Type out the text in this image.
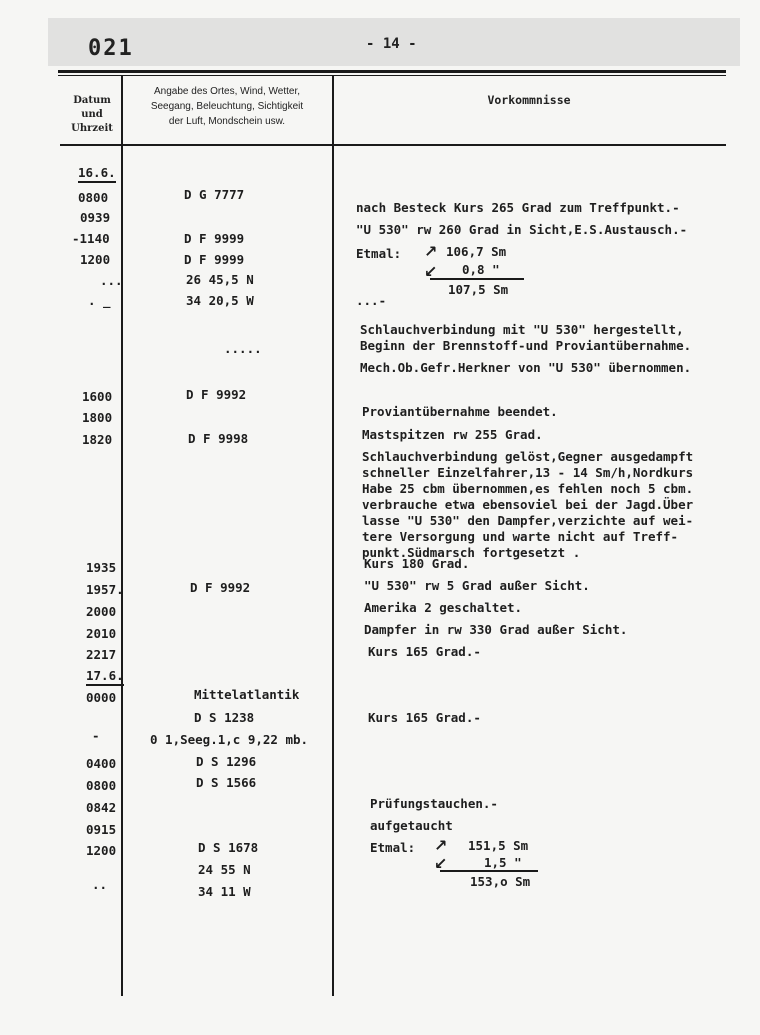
021	- 14 -
Datum
und
Uhrzeit
Angabe des Ortes, Wind, Wetter,
Seegang, Beleuchtung, Sichtigkeit
der Luft, Mondschein usw.
Vorkommnisse
16.6.
0800
0939
-1140
1200
...
. _
1600
1800
1820
1935
1957.
2000
2010
2217
17.6.
0000
-
0400
0800
0842
0915
1200
..
D G 7777
D F 9999
D F 9999
26 45,5 N
34 20,5 W
.....
D F 9992
D F 9998
D F 9992
Mittelatlantik
D S 1238
0 1,Seeg.1,c 9,22 mb.
D S 1296
D S 1566
D S 1678
24 55 N
34 11 W
nach Besteck Kurs 265 Grad zum Treffpunkt.-
"U 530" rw 260 Grad in Sicht,E.S.Austausch.-
Etmal: ↗
↙
106,7 Sm
0,8 "
107,5 Sm
...-
Schlauchverbindung mit "U 530" hergestellt,
Beginn der Brennstoff-und Proviantübernahme.
Mech.Ob.Gefr.Herkner von "U 530" übernommen.
Proviantübernahme beendet.
Mastspitzen rw 255 Grad.
Schlauchverbindung gelöst,Gegner ausgedampft
schneller Einzelfahrer,13 - 14 Sm/h,Nordkurs
Habe 25 cbm übernommen,es fehlen noch 5 cbm.
verbrauche etwa ebensoviel bei der Jagd.Über
lasse "U 530" den Dampfer,verzichte auf wei-
tere Versorgung und warte nicht auf Treff-
punkt.Südmarsch fortgesetzt .
Kurs 180 Grad.
"U 530" rw 5 Grad außer Sicht.
Amerika 2 geschaltet.
Dampfer in rw 330 Grad außer Sicht.
Kurs 165 Grad.-
Kurs 165 Grad.-
Prüfungstauchen.-
aufgetaucht
Etmal: ↗
↙
151,5 Sm
1,5 "
153,o Sm
